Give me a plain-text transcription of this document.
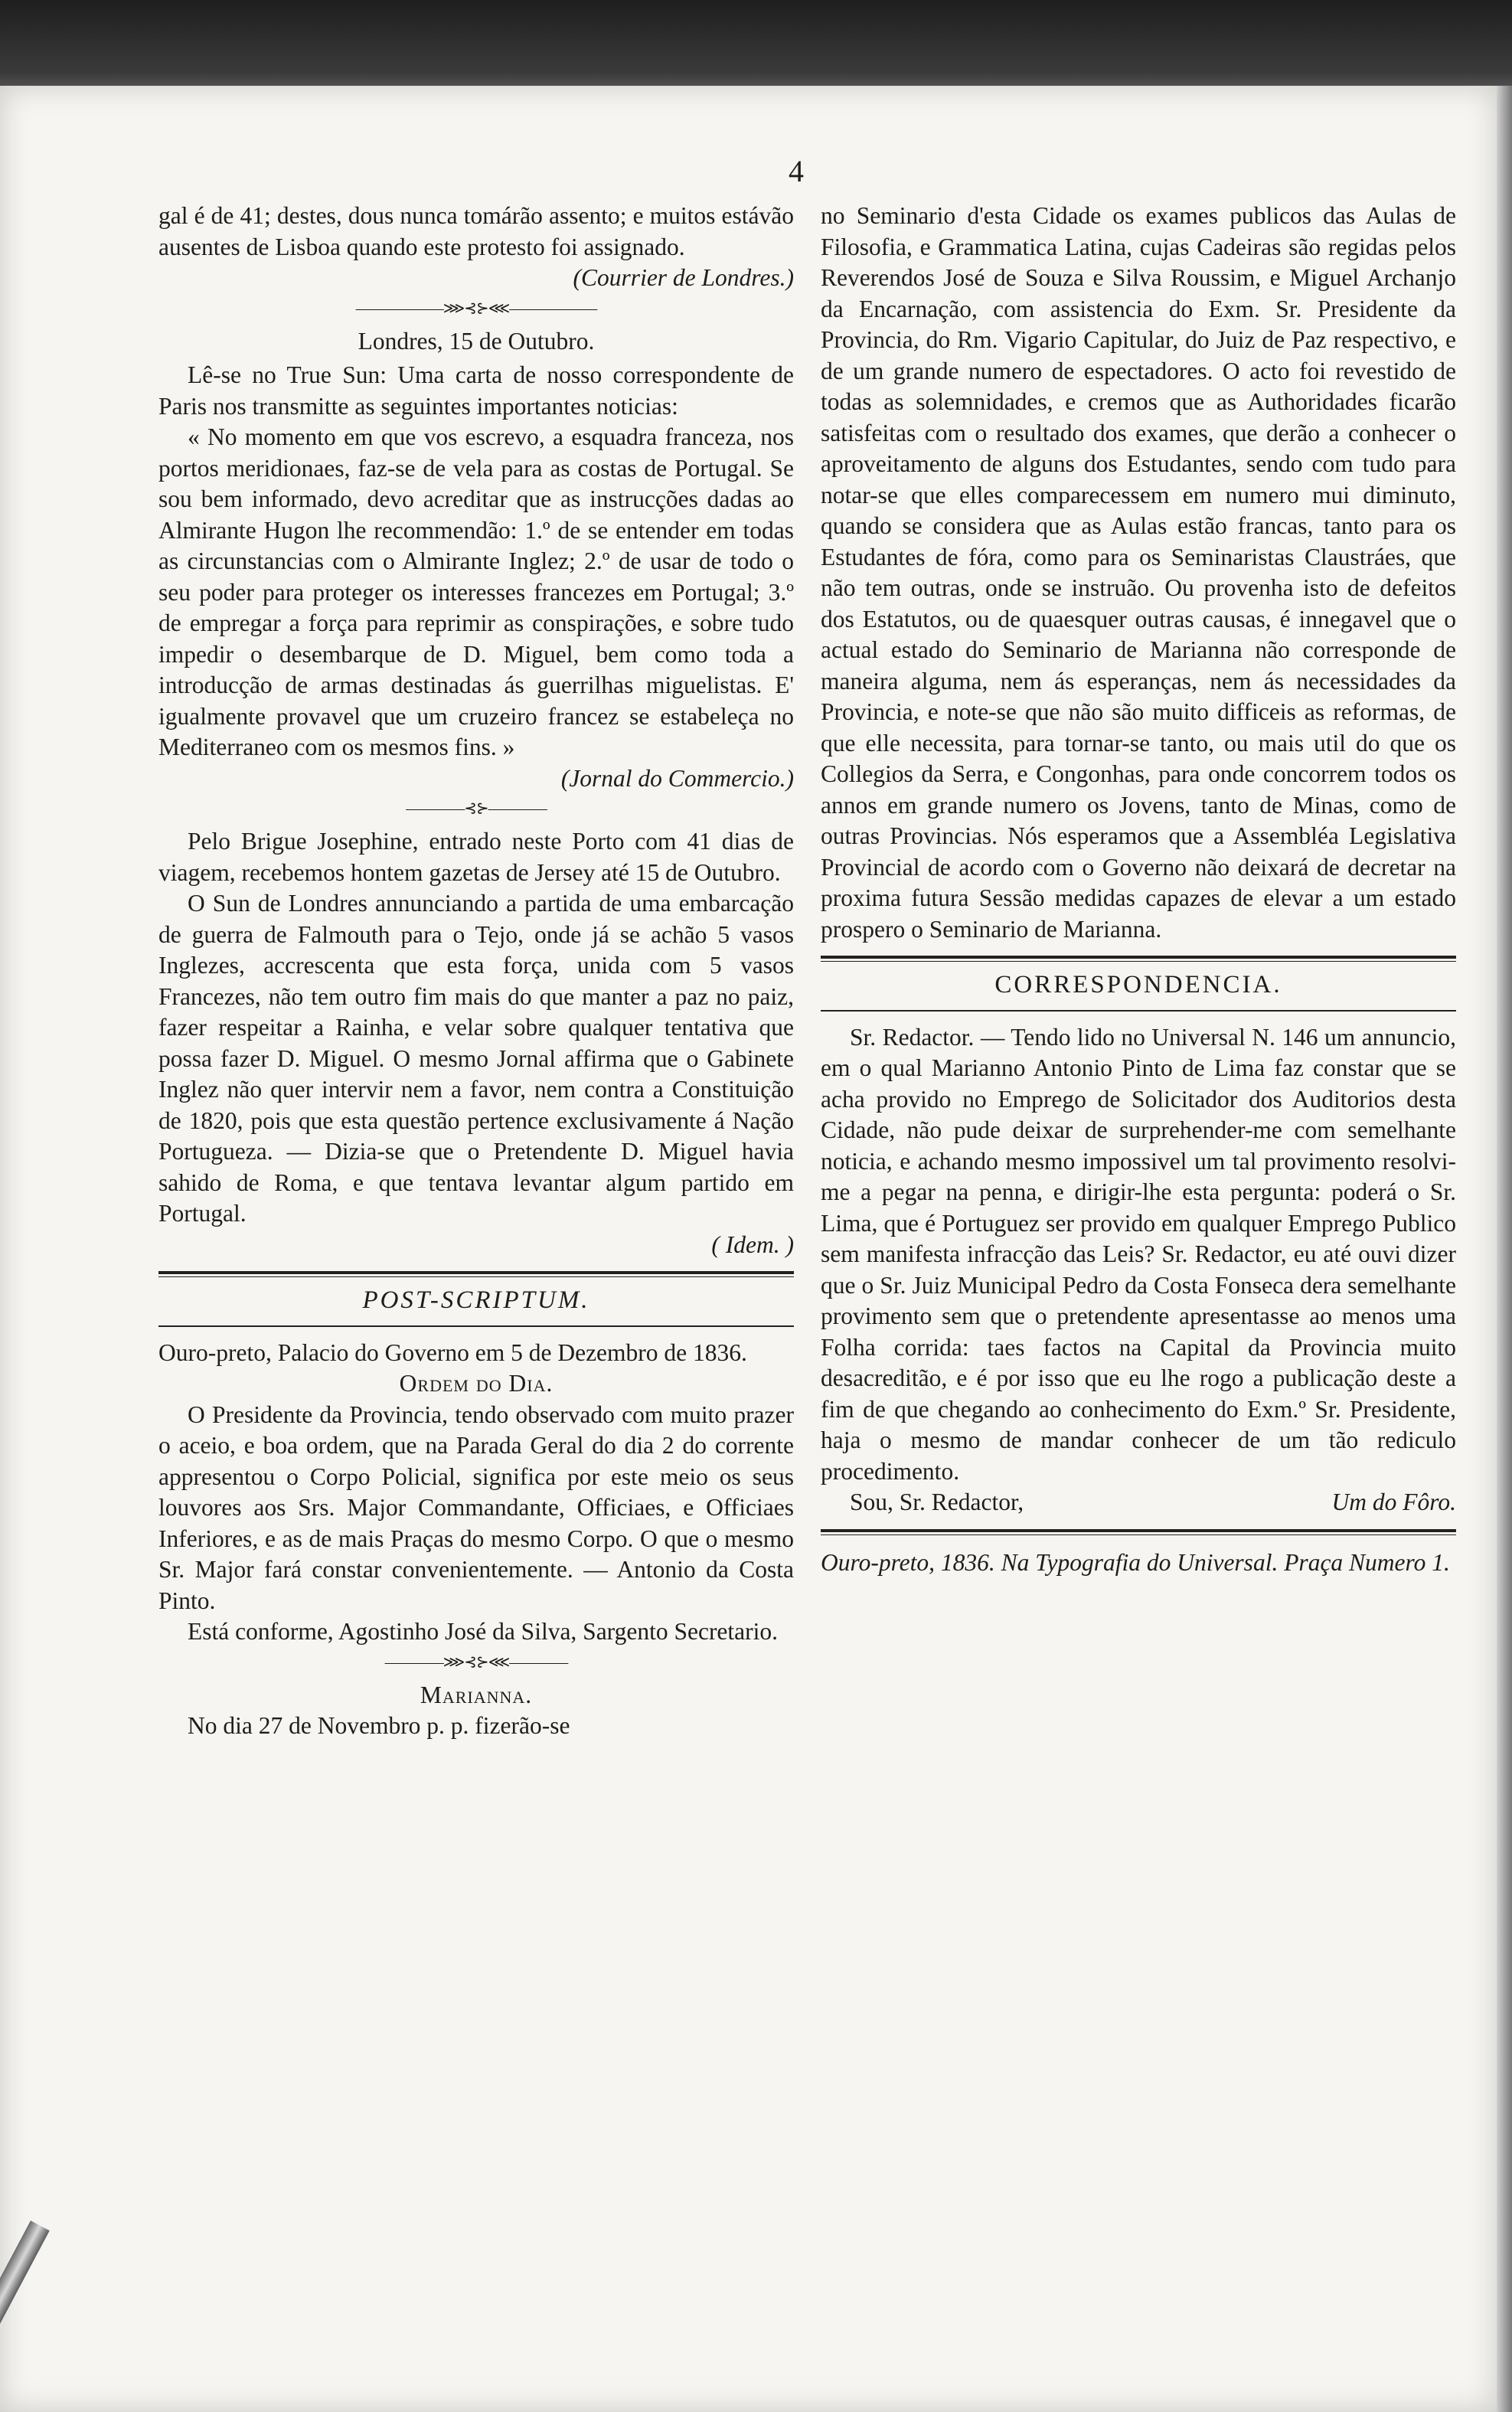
4

gal é de 41; destes, dous nunca tomárão assento; e muitos estávão ausentes de Lisboa quando este protesto foi assignado.

(Courrier de Londres.)

——————⋙⊰⊱⋘——————

Londres, 15 de Outubro.

Lê-se no True Sun: Uma carta de nosso correspondente de Paris nos transmitte as seguintes importantes noticias:

« No momento em que vos escrevo, a esquadra franceza, nos portos meridionaes, faz-se de vela para as costas de Portugal. Se sou bem informado, devo acreditar que as instrucções dadas ao Almirante Hugon lhe recommendão: 1.º de se entender em todas as circunstancias com o Almirante Inglez; 2.º de usar de todo o seu poder para proteger os interesses francezes em Portugal; 3.º de empregar a força para reprimir as conspirações, e sobre tudo impedir o desembarque de D. Miguel, bem como toda a introducção de armas destinadas ás guerrilhas miguelistas. E' igualmente provavel que um cruzeiro francez se estabeleça no Mediterraneo com os mesmos fins. »

(Jornal do Commercio.)

————⊰⊱————

Pelo Brigue Josephine, entrado neste Porto com 41 dias de viagem, recebemos hontem gazetas de Jersey até 15 de Outubro.

O Sun de Londres annunciando a partida de uma embarcação de guerra de Falmouth para o Tejo, onde já se achão 5 vasos Inglezes, accrescenta que esta força, unida com 5 vasos Francezes, não tem outro fim mais do que manter a paz no paiz, fazer respeitar a Rainha, e velar sobre qualquer tentativa que possa fazer D. Miguel. O mesmo Jornal affirma que o Gabinete Inglez não quer intervir nem a favor, nem contra a Constituição de 1820, pois que esta questão pertence exclusivamente á Nação Portugueza. — Dizia-se que o Pretendente D. Miguel havia sahido de Roma, e que tentava levantar algum partido em Portugal.

( Idem. )

POST-SCRIPTUM.

Ouro-preto, Palacio do Governo em 5 de Dezembro de 1836.

Ordem do Dia.

O Presidente da Provincia, tendo observado com muito prazer o aceio, e boa ordem, que na Parada Geral do dia 2 do corrente appresentou o Corpo Policial, significa por este meio os seus louvores aos Srs. Major Commandante, Officiaes, e Officiaes Inferiores, e as de mais Praças do mesmo Corpo. O que o mesmo Sr. Major fará constar convenientemente. — Antonio da Costa Pinto.

Está conforme, Agostinho José da Silva, Sargento Secretario.

————⋙⊰⊱⋘————

Marianna.

No dia 27 de Novembro p. p. fizerão-se

no Seminario d'esta Cidade os exames publicos das Aulas de Filosofia, e Grammatica Latina, cujas Cadeiras são regidas pelos Reverendos José de Souza e Silva Roussim, e Miguel Archanjo da Encarnação, com assistencia do Exm. Sr. Presidente da Provincia, do Rm. Vigario Capitular, do Juiz de Paz respectivo, e de um grande numero de espectadores. O acto foi revestido de todas as solemnidades, e cremos que as Authoridades ficarão satisfeitas com o resultado dos exames, que derão a conhecer o aproveitamento de alguns dos Estudantes, sendo com tudo para notar-se que elles comparecessem em numero mui diminuto, quando se considera que as Aulas estão francas, tanto para os Estudantes de fóra, como para os Seminaristas Claustráes, que não tem outras, onde se instruão. Ou provenha isto de defeitos dos Estatutos, ou de quaesquer outras causas, é innegavel que o actual estado do Seminario de Marianna não corresponde de maneira alguma, nem ás esperanças, nem ás necessidades da Provincia, e note-se que não são muito difficeis as reformas, de que elle necessita, para tornar-se tanto, ou mais util do que os Collegios da Serra, e Congonhas, para onde concorrem todos os annos em grande numero os Jovens, tanto de Minas, como de outras Provincias. Nós esperamos que a Assembléa Legislativa Provincial de acordo com o Governo não deixará de decretar na proxima futura Sessão medidas capazes de elevar a um estado prospero o Seminario de Marianna.

CORRESPONDENCIA.

Sr. Redactor. — Tendo lido no Universal N. 146 um annuncio, em o qual Marianno Antonio Pinto de Lima faz constar que se acha provido no Emprego de Solicitador dos Auditorios desta Cidade, não pude deixar de surprehender-me com semelhante noticia, e achando mesmo impossivel um tal provimento resolvi-me a pegar na penna, e dirigir-lhe esta pergunta: poderá o Sr. Lima, que é Portuguez ser provido em qualquer Emprego Publico sem manifesta infracção das Leis? Sr. Redactor, eu até ouvi dizer que o Sr. Juiz Municipal Pedro da Costa Fonseca dera semelhante provimento sem que o pretendente apresentasse ao menos uma Folha corrida: taes factos na Capital da Provincia muito desacreditão, e é por isso que eu lhe rogo a publicação deste a fim de que chegando ao conhecimento do Exm.º Sr. Presidente, haja o mesmo de mandar conhecer de um tão rediculo procedimento.

Sou, Sr. Redactor,	Um do Fôro.

Ouro-preto, 1836. Na Typografia do Universal. Praça Numero 1.
